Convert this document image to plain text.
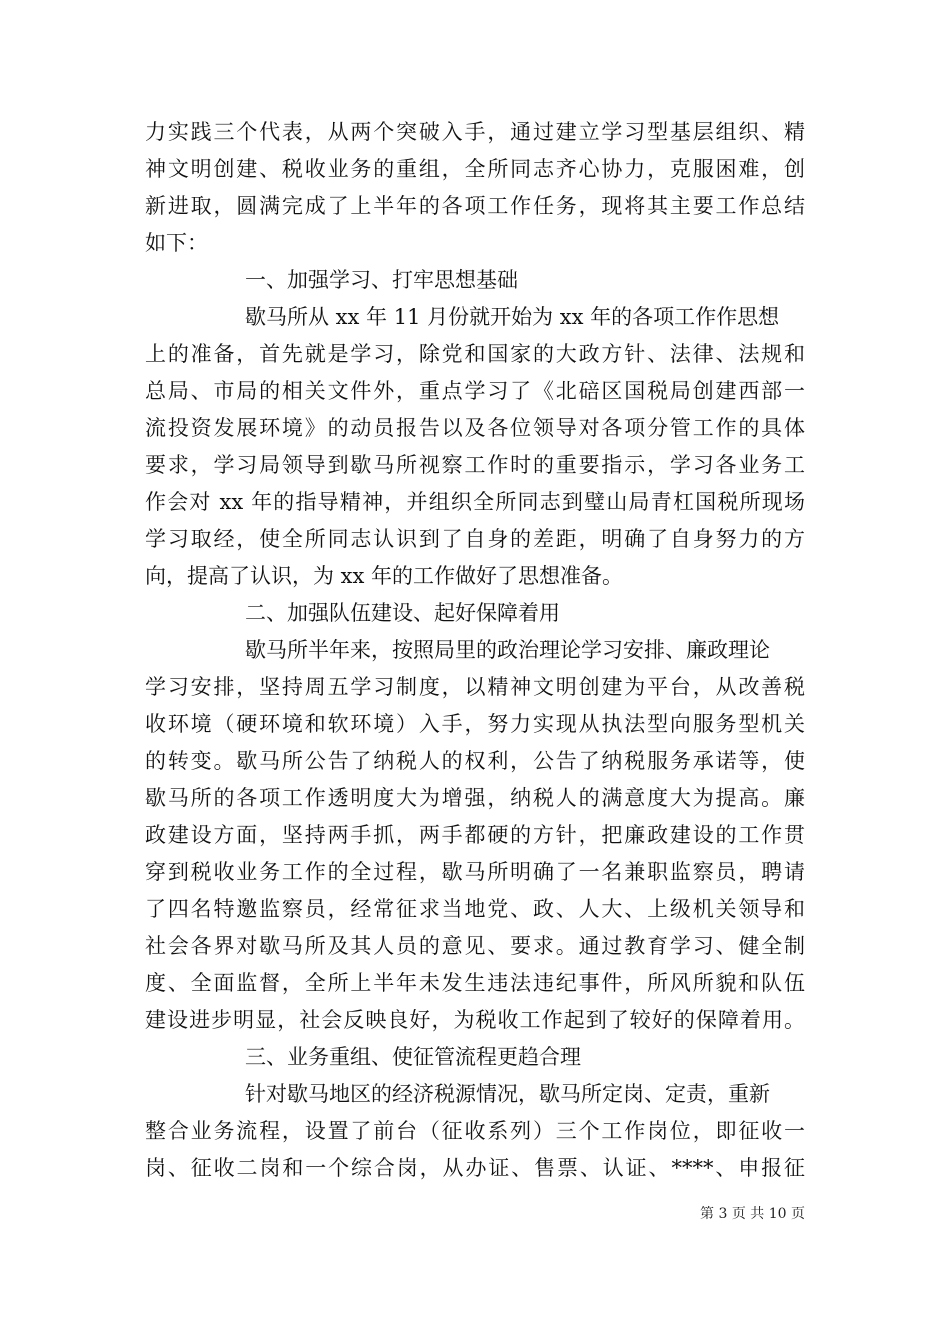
力实践三个代表，从两个突破入手，通过建立学习型基层组织、精
神文明创建、税收业务的重组，全所同志齐心协力，克服困难，创
新进取，圆满完成了上半年的各项工作任务，现将其主要工作总结
如下：
一、加强学习、打牢思想基础
歇马所从 xx 年 11 月份就开始为 xx 年的各项工作作思想
上的准备，首先就是学习，除党和国家的大政方针、法律、法规和
总局、市局的相关文件外，重点学习了《北碚区国税局创建西部一
流投资发展环境》的动员报告以及各位领导对各项分管工作的具体
要求，学习局领导到歇马所视察工作时的重要指示，学习各业务工
作会对 xx 年的指导精神，并组织全所同志到璧山局青杠国税所现场
学习取经，使全所同志认识到了自身的差距，明确了自身努力的方
向，提高了认识，为 xx 年的工作做好了思想准备。
二、加强队伍建设、起好保障着用
歇马所半年来，按照局里的政治理论学习安排、廉政理论
学习安排，坚持周五学习制度，以精神文明创建为平台，从改善税
收环境（硬环境和软环境）入手，努力实现从执法型向服务型机关
的转变。歇马所公告了纳税人的权利，公告了纳税服务承诺等，使
歇马所的各项工作透明度大为增强，纳税人的满意度大为提高。廉
政建设方面，坚持两手抓，两手都硬的方针，把廉政建设的工作贯
穿到税收业务工作的全过程，歇马所明确了一名兼职监察员，聘请
了四名特邀监察员，经常征求当地党、政、人大、上级机关领导和
社会各界对歇马所及其人员的意见、要求。通过教育学习、健全制
度、全面监督，全所上半年未发生违法违纪事件，所风所貌和队伍
建设进步明显，社会反映良好，为税收工作起到了较好的保障着用。
三、业务重组、使征管流程更趋合理
针对歇马地区的经济税源情况，歇马所定岗、定责，重新
整合业务流程，设置了前台（征收系列）三个工作岗位，即征收一
岗、征收二岗和一个综合岗，从办证、售票、认证、****、申报征
第 3 页 共 10 页
